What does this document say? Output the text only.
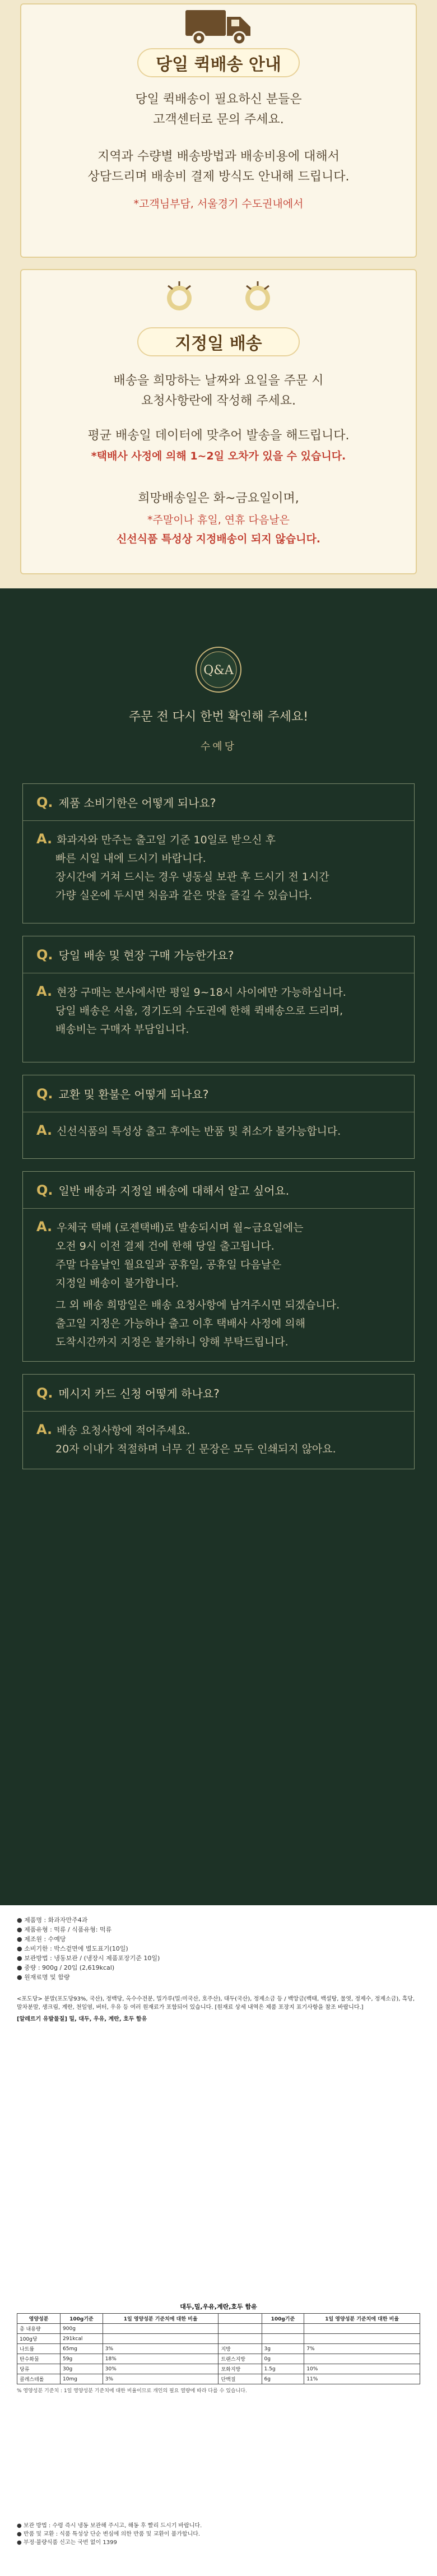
당일 퀵배송 안내
당일 퀵배송이 필요하신 분들은
고객센터로 문의 주세요.
지역과 수량별 배송방법과 배송비용에 대해서
상담드리며 배송비 결제 방식도 안내해 드립니다.
*고객님부담, 서울경기 수도권내에서
지정일 배송
배송을 희망하는 날짜와 요일을 주문 시
요청사항란에 작성해 주세요.
평균 배송일 데이터에 맞추어 발송을 해드립니다.
*택배사 사정에 의해 1~2일 오차가 있을 수 있습니다.
희망배송일은 화~금요일이며,
*주말이나 휴일, 연휴 다음날은
신선식품 특성상 지정배송이 되지 않습니다.
Q&A
주문 전 다시 한번 확인해 주세요!
수예당
Q. 제품 소비기한은 어떻게 되나요?
A. 화과자와 만주는 출고일 기준 10일로 받으신 후
빠른 시일 내에 드시기 바랍니다.
장시간에 거쳐 드시는 경우 냉동실 보관 후 드시기 전 1시간
가량 실온에 두시면 처음과 같은 맛을 즐길 수 있습니다.
Q. 당일 배송 및 현장 구매 가능한가요?
A. 현장 구매는 본사에서만 평일 9~18시 사이에만 가능하십니다.
당일 배송은 서울, 경기도의 수도권에 한해 퀵배송으로 드리며,
배송비는 구매자 부담입니다.
Q. 교환 및 환불은 어떻게 되나요?
A. 신선식품의 특성상 출고 후에는 반품 및 취소가 불가능합니다.
Q. 일반 배송과 지정일 배송에 대해서 알고 싶어요.
A. 우체국 택배 (로젠택배)로 발송되시며 월~금요일에는
오전 9시 이전 결제 건에 한해 당일 출고됩니다.
주말 다음날인 월요일과 공휴일, 공휴일 다음날은
지정일 배송이 불가합니다.
그 외 배송 희망일은 배송 요청사항에 남겨주시면 되겠습니다.
출고일 지정은 가능하나 출고 이후 택배사 사정에 의해
도착시간까지 지정은 불가하니 양해 부탁드립니다.
Q. 메시지 카드 신청 어떻게 하나요?
A. 배송 요청사항에 적어주세요.
20자 이내가 적절하며 너무 긴 문장은 모두 인쇄되지 않아요.
● 제품명 : 화과자만주4과
● 제품유형 : 떡류 / 식품유형: 떡류
● 제조원 : 수예당
● 소비기한 : 박스겉면에 별도표기(10일)
● 보관방법 : 냉동보관 / (냉장시 제품포장기준 10일)
● 중량 : 900g / 20입 (2,619kcal)
● 원재료명 및 함량
<포도당> 분말(포도당93%, 국산), 정백당, 옥수수전분, 밀가루(밀:미국산, 호주산), 대두(국산), 정제소금 등 / 백앙금(백태, 백설탕, 물엿, 정제수, 정제소금), 흑당, 말차분말, 생크림, 계란, 천일염, 버터, 우유 등 여러 원재료가 포함되어 있습니다. [원재료 상세 내역은 제품 포장지 표기사항을 참조 바랍니다.]
[알레르기 유발물질] 밀, 대두, 우유, 계란, 호두 함유
대두,밀,우유,계란,호두 함유
영양성분	100g기준	1일 영양성분 기준치에 대한 비율		100g기준	1일 영양성분 기준치에 대한 비율
총 내용량	900g				
100g당	291kcal				
나트륨	65mg	3%	지방	3g	7%
탄수화물	59g	18%	트랜스지방	0g	
당류	30g	30%	포화지방	1.5g	10%
콜레스테롤	10mg	3%	단백질	6g	11%
% 영양성분 기준치 : 1일 영양성분 기준치에 대한 비율이므로 개인의 필요 열량에 따라 다를 수 있습니다.
● 보관 방법 : 수령 즉시 냉동 보관해 주시고, 해동 후 빨리 드시기 바랍니다.
● 반품 및 교환 : 식품 특성상 단순 변심에 의한 반품 및 교환이 불가합니다.
● 부정·불량식품 신고는 국번 없이 1399
